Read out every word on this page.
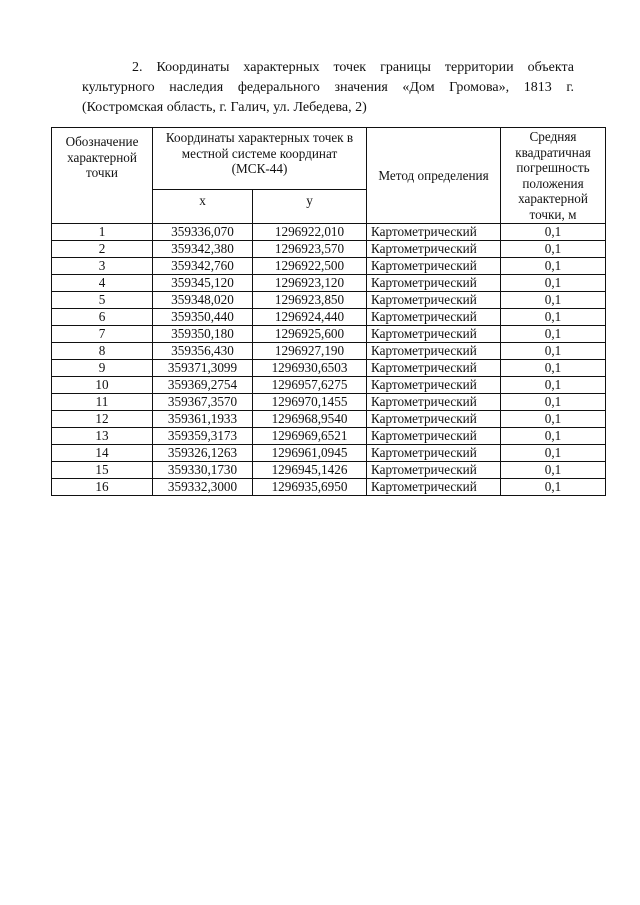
2. Координаты характерных точек границы территории объекта
культурного наследия федерального значения «Дом Громова», 1813 г.
(Костромская область, г. Галич, ул. Лебедева, 2)
Обозначение характерной точки	Координаты характерных точек в местной системе координат (МСК-44)		Метод определения	Средняя квадратичная погрешность положения характерной точки, м
	x	y		
1	359336,070	1296922,010	Картометрический	0,1
2	359342,380	1296923,570	Картометрический	0,1
3	359342,760	1296922,500	Картометрический	0,1
4	359345,120	1296923,120	Картометрический	0,1
5	359348,020	1296923,850	Картометрический	0,1
6	359350,440	1296924,440	Картометрический	0,1
7	359350,180	1296925,600	Картометрический	0,1
8	359356,430	1296927,190	Картометрический	0,1
9	359371,3099	1296930,6503	Картометрический	0,1
10	359369,2754	1296957,6275	Картометрический	0,1
11	359367,3570	1296970,1455	Картометрический	0,1
12	359361,1933	1296968,9540	Картометрический	0,1
13	359359,3173	1296969,6521	Картометрический	0,1
14	359326,1263	1296961,0945	Картометрический	0,1
15	359330,1730	1296945,1426	Картометрический	0,1
16	359332,3000	1296935,6950	Картометрический	0,1
